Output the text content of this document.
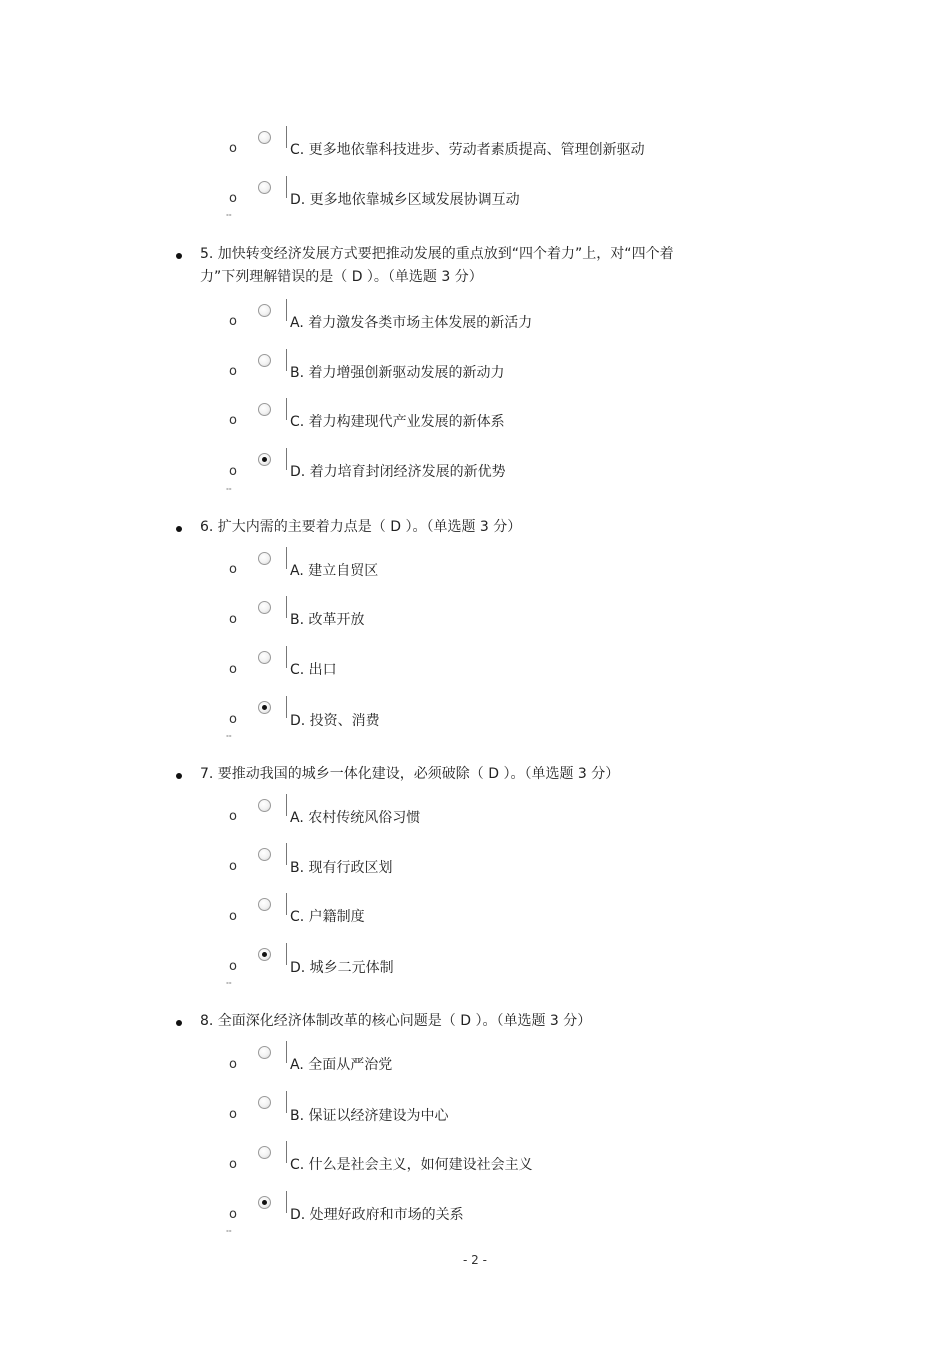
o	C. 更多地依靠科技进步、劳动者素质提高、管理创新驱动
o	D. 更多地依靠城乡区域发展协调互动
▪▪
5. 加快转变经济发展方式要把推动发展的重点放到“四个着力”上，对“四个着
力”下列理解错误的是（ D ）。（单选题 3 分）
o	A. 着力激发各类市场主体发展的新活力
o	B. 着力增强创新驱动发展的新动力
o	C. 着力构建现代产业发展的新体系
o	D. 着力培育封闭经济发展的新优势
▪▪
6. 扩大内需的主要着力点是（ D ）。（单选题 3 分）
o	A. 建立自贸区
o	B. 改革开放
o	C. 出口
o	D. 投资、消费
▪▪
7. 要推动我国的城乡一体化建设，必须破除（ D ）。（单选题 3 分）
o	A. 农村传统风俗习惯
o	B. 现有行政区划
o	C. 户籍制度
o	D. 城乡二元体制
▪▪
8. 全面深化经济体制改革的核心问题是（ D ）。（单选题 3 分）
o	A. 全面从严治党
o	B. 保证以经济建设为中心
o	C. 什么是社会主义，如何建设社会主义
o	D. 处理好政府和市场的关系
▪▪
- 2 -
